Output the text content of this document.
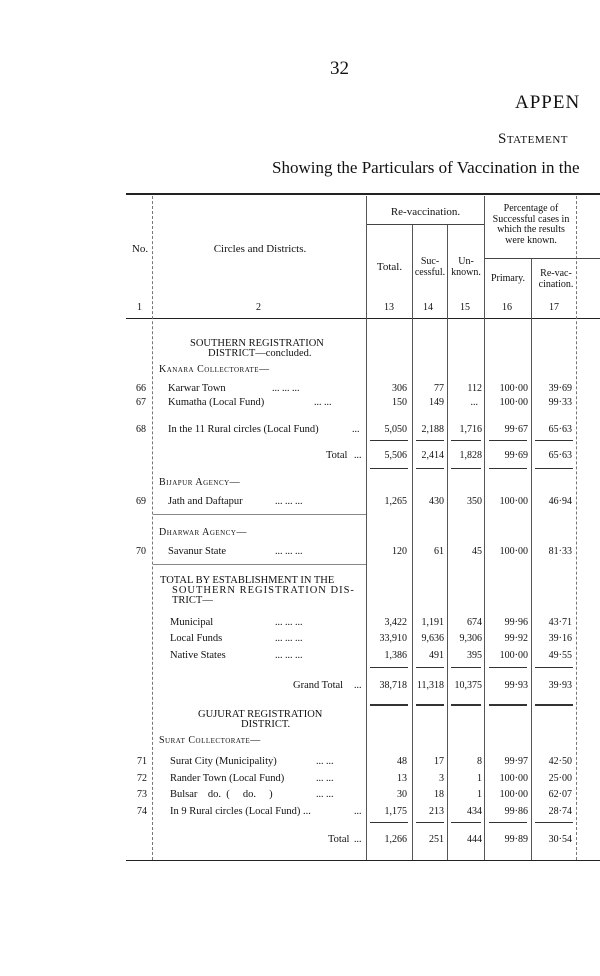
32
APPEN
Statement
Showing the Particulars of Vaccination in the
No.	Circles and Districts.
Re-vaccination.	Percentage of Successful cases in which the results were known.
Total.	Suc-cessful.
Un-known.
Primary.	Re-vac-cination.
1	2	13	14	15	16	17
SOUTHERN REGISTRATION
DISTRICT—concluded.
Kanara Collectorate—
66 Karwar Town	... ... ...	306	77	112	100·00	39·69
67 Kumatha (Local Fund)	... ...	150	149	...	100·00	99·33
68 In the 11 Rural circles (Local Fund)	...	5,050	2,188	1,716	99·67	65·63
Total ...	5,506	2,414	1,828	99·69	65·63
Bijapur Agency—
69 Jath and Daftapur	... ... ...	1,265	430	350	100·00	46·94
Dharwar Agency—
70 Savanur State	... ... ...	120	61	45	100·00	81·33
TOTAL BY ESTABLISHMENT IN THE
SOUTHERN REGISTRATION DIS-
TRICT—
Municipal	... ... ...	3,422	1,191	674	99·96	43·71
Local Funds	... ... ...	33,910	9,636	9,306	99·92	39·16
Native States	... ... ...	1,386	491	395	100·00	49·55
Grand Total ...	38,718 11,318	10,375	99·93	39·93
GUJURAT REGISTRATION
DISTRICT.
Surat Collectorate—
71 Surat City (Municipality)	... ...	48	17	8	99·97	42·50
72 Rander Town (Local Fund)	... ...	13	3	1	100·00	25·00
73 Bulsar    do.  (     do.     )	... ...	30	18	1	100·00	62·07
74 In 9 Rural circles (Local Fund) ...	...	1,175	213	434	99·86	28·74
Total ...	1,266	251	444	99·89	30·54
